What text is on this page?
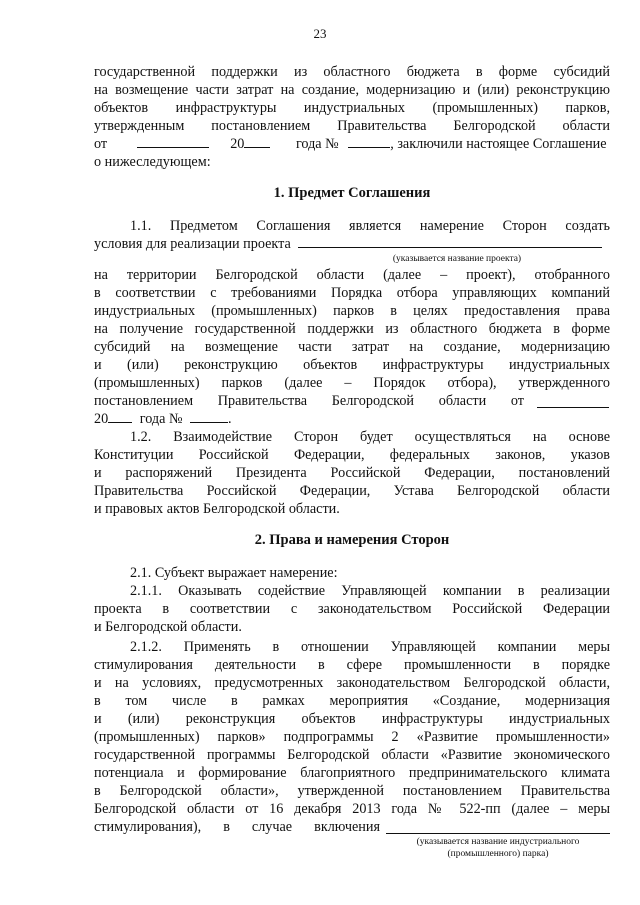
23
государственной поддержки из областного бюджета в форме субсидий
на возмещение части затрат на создание, модернизацию и (или) реконструкцию
объектов инфраструктуры индустриальных (промышленных) парков,
утвержденным постановлением Правительства Белгородской области
от	20	года №	, заключили настоящее Соглашение
о нижеследующем:
1. Предмет Соглашения
1.1. Предметом Соглашения является намерение Сторон создать
условия для реализации проекта
(указывается название проекта)
на территории Белгородской области (далее – проект), отобранного
в соответствии с требованиями Порядка отбора управляющих компаний
индустриальных (промышленных) парков в целях предоставления права
на получение государственной поддержки из областного бюджета в форме
субсидий на возмещение части затрат на создание, модернизацию
и (или) реконструкцию объектов инфраструктуры индустриальных
(промышленных) парков (далее – Порядок отбора), утвержденного
постановлением Правительства Белгородской области от
20 года №	.
1.2. Взаимодействие Сторон будет осуществляться на основе
Конституции Российской Федерации, федеральных законов, указов
и распоряжений Президента Российской Федерации, постановлений
Правительства Российской Федерации, Устава Белгородской области
и правовых актов Белгородской области.
2. Права и намерения Сторон
2.1. Субъект выражает намерение:
2.1.1. Оказывать содействие Управляющей компании в реализации
проекта в соответствии с законодательством Российской Федерации
и Белгородской области.
2.1.2. Применять в отношении Управляющей компании меры
стимулирования деятельности в сфере промышленности в порядке
и на условиях, предусмотренных законодательством Белгородской области,
в том числе в рамках мероприятия «Создание, модернизация
и (или) реконструкция объектов инфраструктуры индустриальных
(промышленных) парков» подпрограммы 2 «Развитие промышленности»
государственной программы Белгородской области «Развитие экономического
потенциала и формирование благоприятного предпринимательского климата
в Белгородской области», утвержденной постановлением Правительства
Белгородской области от 16 декабря 2013 года № 522-пп (далее – меры
стимулирования), в случае включения
(указывается название индустриального
(промышленного) парка)
